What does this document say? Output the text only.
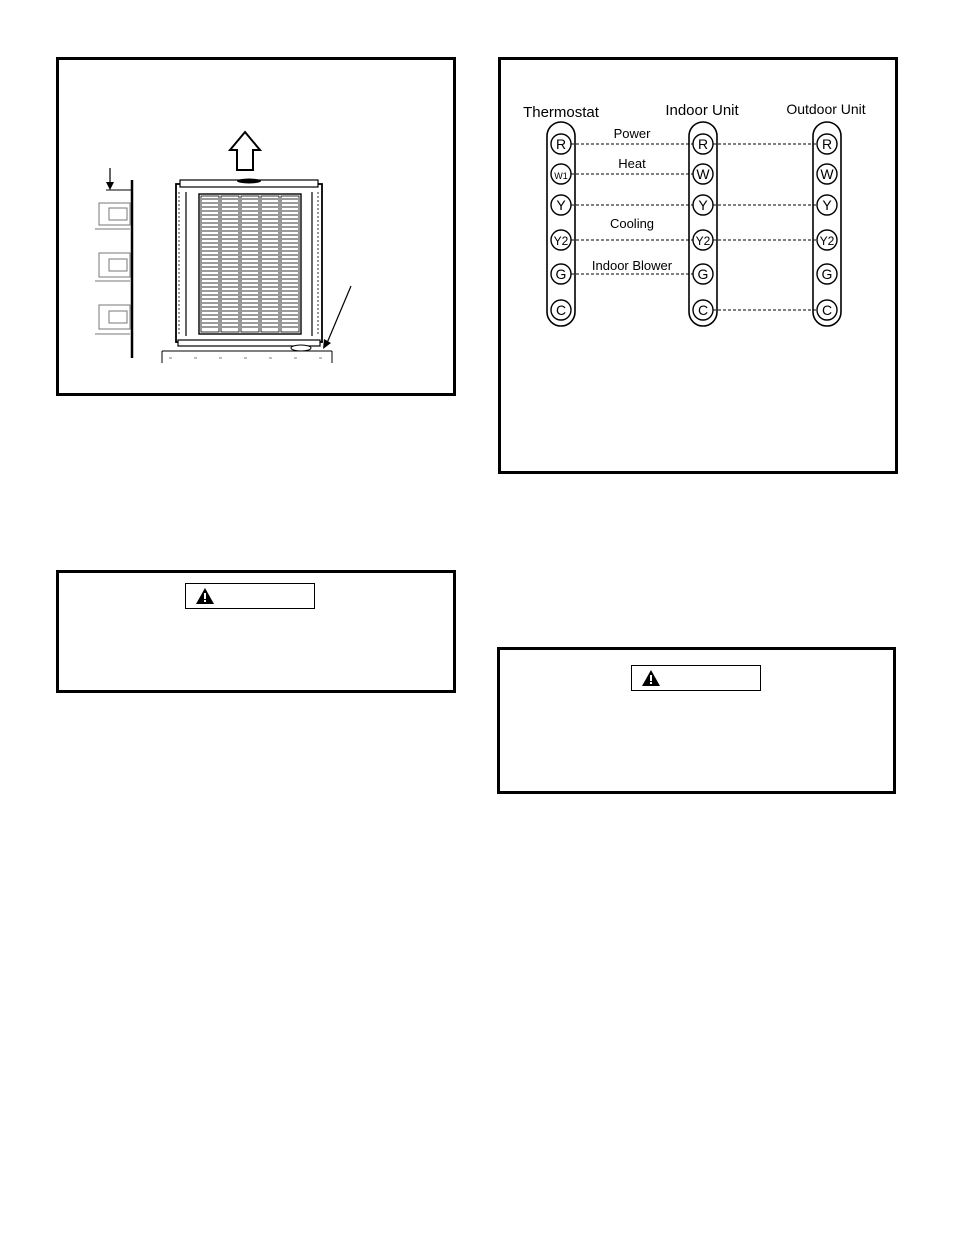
Thermostat	Indoor Unit	Outdoor Unit
R
W1
Y
Y2
G
C
R
W
Y
Y2
G
C
R
W
Y
Y2
G
C
Power
Heat
Cooling
Indoor Blower
